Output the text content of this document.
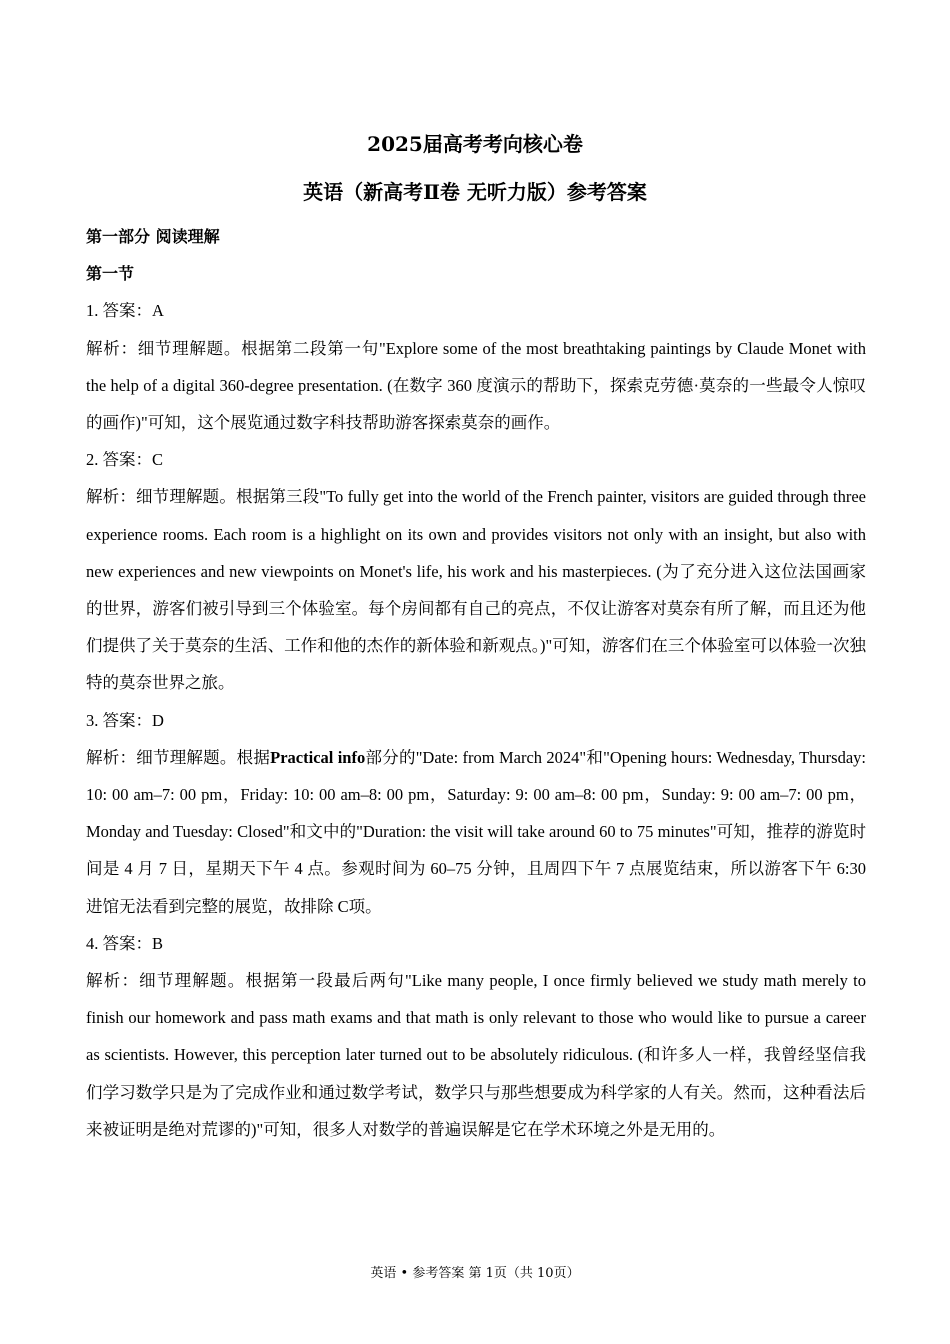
2025届高考考向核心卷
英语（新高考Ⅱ卷 无听力版）参考答案

第一部分 阅读理解

第一节

1. 答案：A

解析：细节理解题。根据第二段第一句"Explore some of the most breathtaking paintings by Claude Monet with the help of a digital 360-degree presentation. (在数字 360 度演示的帮助下，探索克劳德·莫奈的一些最令人惊叹的画作)"可知，这个展览通过数字科技帮助游客探索莫奈的画作。

2. 答案：C

解析：细节理解题。根据第三段"To fully get into the world of the French painter, visitors are guided through three experience rooms. Each room is a highlight on its own and provides visitors not only with an insight, but also with new experiences and new viewpoints on Monet's life, his work and his masterpieces. (为了充分进入这位法国画家的世界，游客们被引导到三个体验室。每个房间都有自己的亮点，不仅让游客对莫奈有所了解，而且还为他们提供了关于莫奈的生活、工作和他的杰作的新体验和新观点。)"可知，游客们在三个体验室可以体验一次独特的莫奈世界之旅。

3. 答案：D

解析：细节理解题。根据Practical info部分的"Date: from March 2024"和"Opening hours: Wednesday, Thursday: 10: 00 am–7: 00 pm，Friday: 10: 00 am–8: 00 pm，Saturday: 9: 00 am–8: 00 pm，Sunday: 9: 00 am–7: 00 pm，Monday and Tuesday: Closed"和文中的"Duration: the visit will take around 60 to 75 minutes"可知，推荐的游览时间是 4 月 7 日，星期天下午 4 点。参观时间为 60–75 分钟，且周四下午 7 点展览结束，所以游客下午 6:30 进馆无法看到完整的展览，故排除 C项。

4. 答案：B

解析：细节理解题。根据第一段最后两句"Like many people, I once firmly believed we study math merely to finish our homework and pass math exams and that math is only relevant to those who would like to pursue a career as scientists. However, this perception later turned out to be absolutely ridiculous. (和许多人一样，我曾经坚信我们学习数学只是为了完成作业和通过数学考试，数学只与那些想要成为科学家的人有关。然而，这种看法后来被证明是绝对荒谬的)"可知，很多人对数学的普遍误解是它在学术环境之外是无用的。

英语 • 参考答案 第 1页（共 10页）
